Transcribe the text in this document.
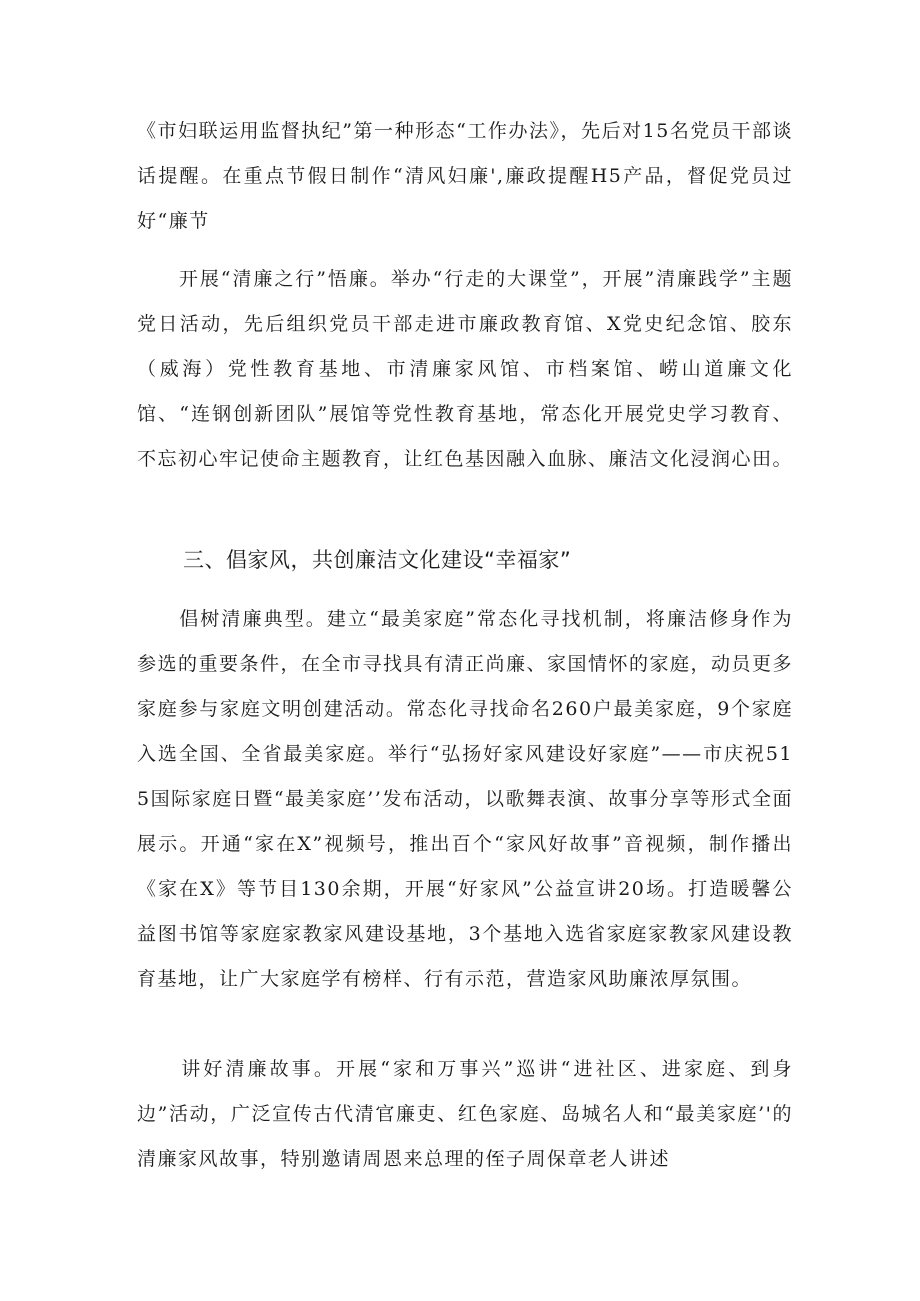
《市妇联运用监督执纪”第一种形态“工作办法》，先后对15名党员干部谈话提醒。在重点节假日制作“清风妇廉',廉政提醒H5产品，督促党员过好“廉节

　　开展“清廉之行”悟廉。举办“行走的大课堂”，开展”清廉践学”主题党日活动，先后组织党员干部走进市廉政教育馆、X党史纪念馆、胶东（威海）党性教育基地、市清廉家风馆、市档案馆、崂山道廉文化馆、“连钢创新团队”展馆等党性教育基地，常态化开展党史学习教育、不忘初心牢记使命主题教育，让红色基因融入血脉、廉洁文化浸润心田。

三、倡家风，共创廉洁文化建设“幸福家”

　　倡树清廉典型。建立“最美家庭”常态化寻找机制，将廉洁修身作为参选的重要条件，在全市寻找具有清正尚廉、家国情怀的家庭，动员更多家庭参与家庭文明创建活动。常态化寻找命名260户最美家庭，9个家庭入选全国、全省最美家庭。举行“弘扬好家风建设好家庭”——市庆祝515国际家庭日暨“最美家庭’’发布活动，以歌舞表演、故事分享等形式全面展示。开通“家在X”视频号，推出百个“家风好故事”音视频，制作播出《家在X》等节目130余期，开展“好家风”公益宣讲20场。打造暖馨公益图书馆等家庭家教家风建设基地，3个基地入选省家庭家教家风建设教育基地，让广大家庭学有榜样、行有示范，营造家风助廉浓厚氛围。

　　讲好清廉故事。开展“家和万事兴”巡讲“进社区、进家庭、到身边”活动，广泛宣传古代清官廉吏、红色家庭、岛城名人和“最美家庭’'的清廉家风故事，特别邀请周恩来总理的侄子周保章老人讲述
